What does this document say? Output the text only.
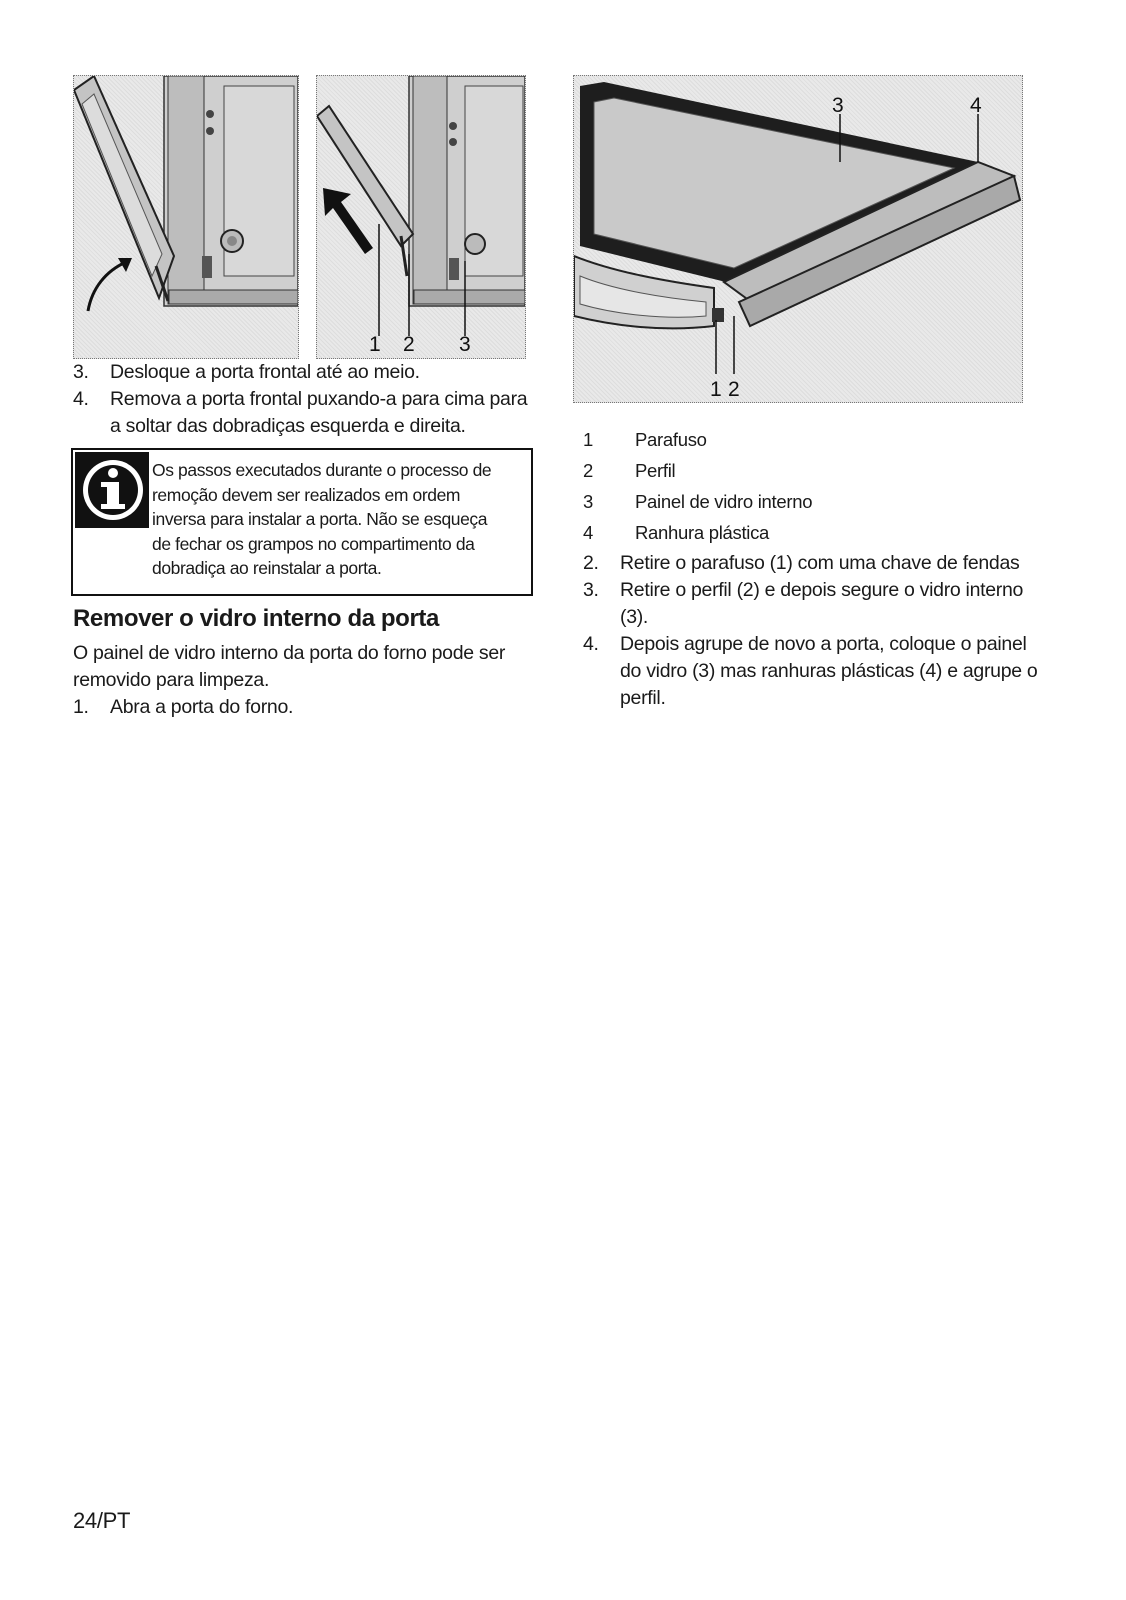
1 2 3
3	4
1 2
3. Desloque a porta frontal até ao meio.
4. Remova a porta frontal puxando-a para cima para
a soltar das dobradiças esquerda e direita.
Os passos executados durante o processo de
remoção devem ser realizados em ordem
inversa para instalar a porta. Não se esqueça
de fechar os grampos no compartimento da
dobradiça ao reinstalar a porta.
Remover o vidro interno da porta
O painel de vidro interno da porta do forno pode ser
removido para limpeza.
1. Abra a porta do forno.
1 Parafuso
2 Perfil
3 Painel de vidro interno
4 Ranhura plástica
2. Retire o parafuso (1) com uma chave de fendas
3. Retire o perfil (2) e depois segure o vidro interno
(3).
4. Depois agrupe de novo a porta, coloque o painel
do vidro (3) mas ranhuras plásticas (4) e agrupe o
perfil.
24/PT
